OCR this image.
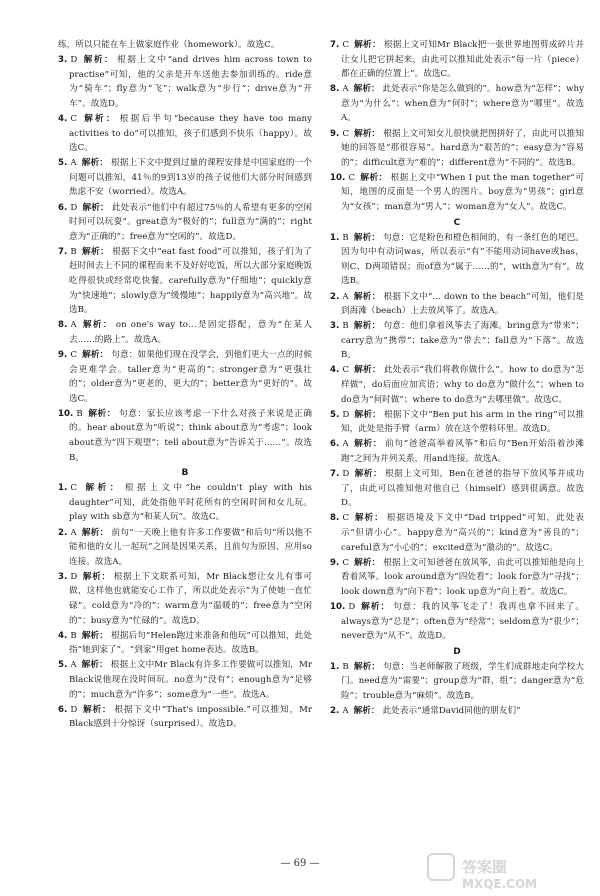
练，所以只能在车上做家庭作业（homework）。故选C。
3. D 解析： 根据上文中“and drives him across town to practise”可知，他的父亲是开车送他去参加训练的。ride意为“骑车”；fly意为“飞”；walk意为“步行”；drive意为“开车”。故选D。
4. C 解析： 根据后半句“because they have too many activities to do”可以推知，孩子们感到不快乐（happy）。故选C。
5. A 解析： 根据上下文中提到过量的课程安排是中国家庭的一个问题可以推知，41％的9到13岁的孩子说他们大部分时间感到焦虑不安（worried）。故选A。
6. D 解析： 此处表示“他们中有超过75％的人希望有更多的空闲时间可以玩耍”。great意为“极好的”；full意为“满的”；right意为“正确的”；free意为“空闲的”。故选D。
7. B 解析： 根据下文中“eat fast food”可以推知，孩子们为了赶时间去上不同的课程而来不及好好吃饭，所以大部分家庭晚饭吃得很快或经常吃快餐。carefully意为“仔细地”；quickly意为“快速地”；slowly意为“缓慢地”；happily意为“高兴地”。故选B。
8. A 解析： on one's way to…是固定搭配，意为“在某人去……的路上”。故选A。
9. C 解析： 句意：如果他们现在没学会，到他们更大一点的时候会更难学会。taller意为“更高的”；stronger意为“更强壮的”；older意为“更老的，更大的”；better意为“更好的”。故选C。
10. B 解析： 句意：家长应该考虑一下什么对孩子来说是正确的。hear about意为“听说”；think about意为“考虑”；look about意为“四下观望”；tell about意为“告诉关于……”。故选B。
B
1. C 解析： 根据上文中“he couldn't play with his daughter”可知，此处指他平时花所有的空闲时间和女儿玩。play with sb意为“和某人玩”。故选C。
2. A 解析： 前句“一天晚上他有许多工作要做”和后句“所以他不能和他的女儿一起玩”之间是因果关系，且前句为原因，应用so连接。故选A。
3. D 解析： 根据上下文联系可知，Mr Black想让女儿有事可做，这样他也就能安心工作了，所以此处表示“为了使她一直忙碌”。cold意为“冷的”；warm意为“温暖的”；free意为“空闲的”；busy意为“忙碌的”。故选D。
4. B 解析： 根据后句“Helen跑过来准备和他玩”可以推知，此处指“她到家了”。“到家”用get home表达。故选B。
5. A 解析： 根据上文中Mr Black有许多工作要做可以推知，Mr Black说他现在没时间玩。no意为“没有”；enough意为“足够的”；much意为“许多”；some意为“一些”。故选A。
6. D 解析： 根据下文中“That's impossible.”可以推知，Mr Black感到十分惊讶（surprised）。故选D。
7. C 解析： 根据上文可知Mr Black把一张世界地图剪成碎片并让女儿把它拼起来，由此可以推知此处表示“每一片（piece）都在正确的位置上”。故选C。
8. A 解析： 此处表示“你是怎么做到的”。how意为“怎样”；why意为“为什么”；when意为“何时”；where意为“哪里”。故选A。
9. C 解析： 根据上文可知女儿很快就把图拼好了，由此可以推知她的回答是“那很容易”。hard意为“艰苦的”；easy意为“容易的”；difficult意为“难的”；different意为“不同的”。故选B。
10. C 解析： 根据上文中“When I put the man together”可知，地图的反面是一个男人的图片。boy意为“男孩”；girl意为“女孩”；man意为“男人”；woman意为“女人”。故选C。
C
1. B 解析： 句意：它是粉色和橙色相间的，有一条红色的尾巴。因为句中有动词was，所以表示“有”不能用动词have或has，则C、D两项错误；而of意为“属于……的”，with意为“有”。故选B。
2. A 解析： 根据下文中“… down to the beach”可知，他们是到海滩（beach）上去放风筝了。故选A。
3. B 解析： 句意：他们拿着风筝去了海滩。bring意为“带来”；carry意为“携带”；take意为“带去”；fall意为“下落”。故选B。
4. C 解析： 此处表示“我们将教你做什么”。how to do意为“怎样做”，do后面应加宾语；why to do意为“做什么”；when to do意为“何时做”；where to do意为“去哪里做”。故选C。
5. D 解析： 根据下文中“Ben put his arm in the ring”可以推知，此处是指手臂（arm）放在这个塑料环里。故选D。
6. A 解析： 前句“爸爸高举着风筝”和后句“Ben开始沿着沙滩跑”之间为并列关系，用and连接。故选A。
7. D 解析： 根据上文可知，Ben在爸爸的指导下放风筝并成功了，由此可以推知他对他自己（himself）感到很满意。故选D。
8. C 解析： 根据语境及下文中“Dad tripped”可知，此处表示“但请小心”。happy意为“高兴的”；kind意为“善良的”；careful意为“小心的”；excited意为“激动的”。故选C。
9. C 解析： 根据上文可知爸爸在放风筝，由此可以推知他是向上看着风筝。look around意为“四处看”；look for意为“寻找”；look down意为“向下看”；look up意为“向上看”。故选C。
10. D 解析： 句意：我的风筝飞走了！我再也拿不回来了。always意为“总是”；often意为“经常”；seldom意为“很少”；never意为“从不”。故选D。
D
1. B 解析： 句意：当老师解散了班级，学生们成群地走向学校大门。need意为“需要”；group意为“群，组”；danger意为“危险”；trouble意为“麻烦”。故选B。
2. A 解析： 此处表示“通常David同他的朋友们”
— 69 —	答案圈
MXQE.COM
